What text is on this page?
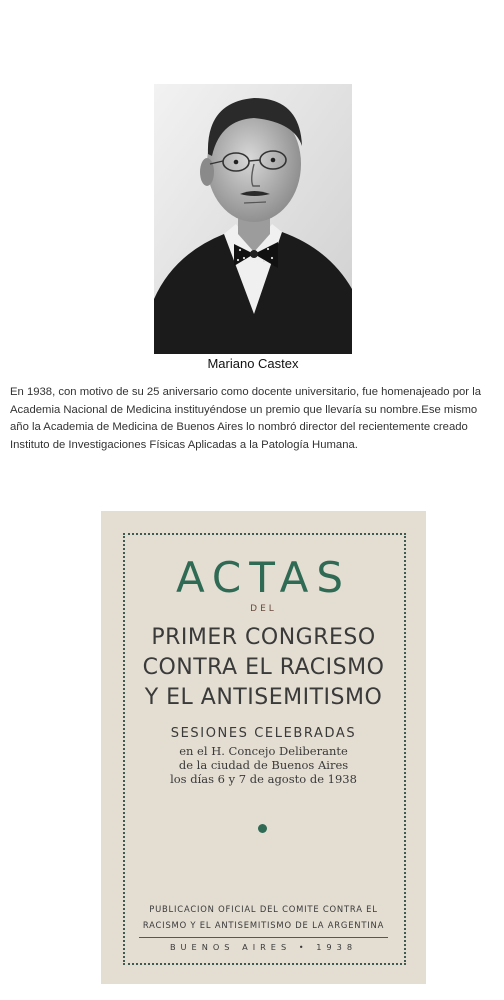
Mariano Castex

En 1938, con motivo de su 25 aniversario como docente universitario, fue homenajeado por la Academia Nacional de Medicina instituyéndose un premio que llevaría su nombre.Ese mismo año la Academia de Medicina de Buenos Aires lo nombró director del recientemente creado Instituto de Investigaciones Físicas Aplicadas a la Patología Humana.

ACTAS
DEL
PRIMER CONGRESO
CONTRA EL RACISMO
Y EL ANTISEMITISMO
SESIONES CELEBRADAS
en el H. Concejo Deliberante
de la ciudad de Buenos Aires
los días 6 y 7 de agosto de 1938
PUBLICACION OFICIAL DEL COMITE CONTRA EL
RACISMO Y EL ANTISEMITISMO DE LA ARGENTINA
BUENOS AIRES • 1938
